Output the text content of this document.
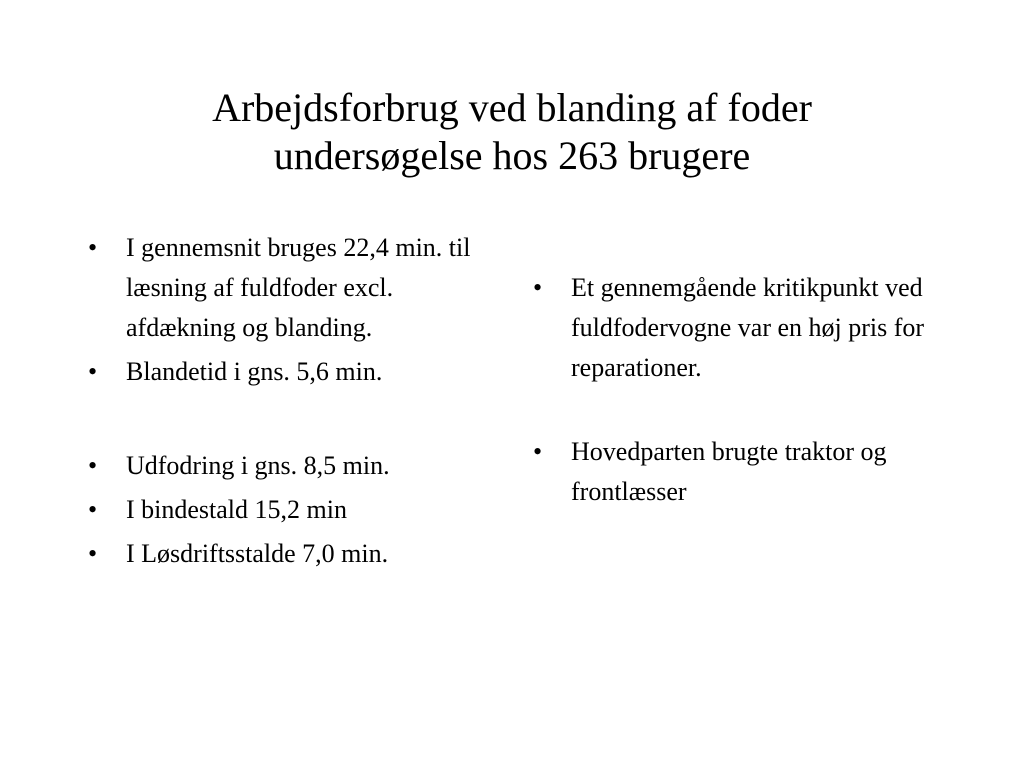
Arbejdsforbrug ved blanding af foder
undersøgelse hos 263 brugere

•	I gennemsnit bruges 22,4 min. til læsning af fuldfoder excl. afdækning og blanding.

•	Blandetid i gns. 5,6 min.

•	Udfodring i gns. 8,5 min.

•	I bindestald 15,2 min

•	I Løsdriftsstalde 7,0 min.

•	Et gennemgående kritikpunkt ved fuldfodervogne var en høj pris for reparationer.

•	Hovedparten brugte traktor og frontlæsser
